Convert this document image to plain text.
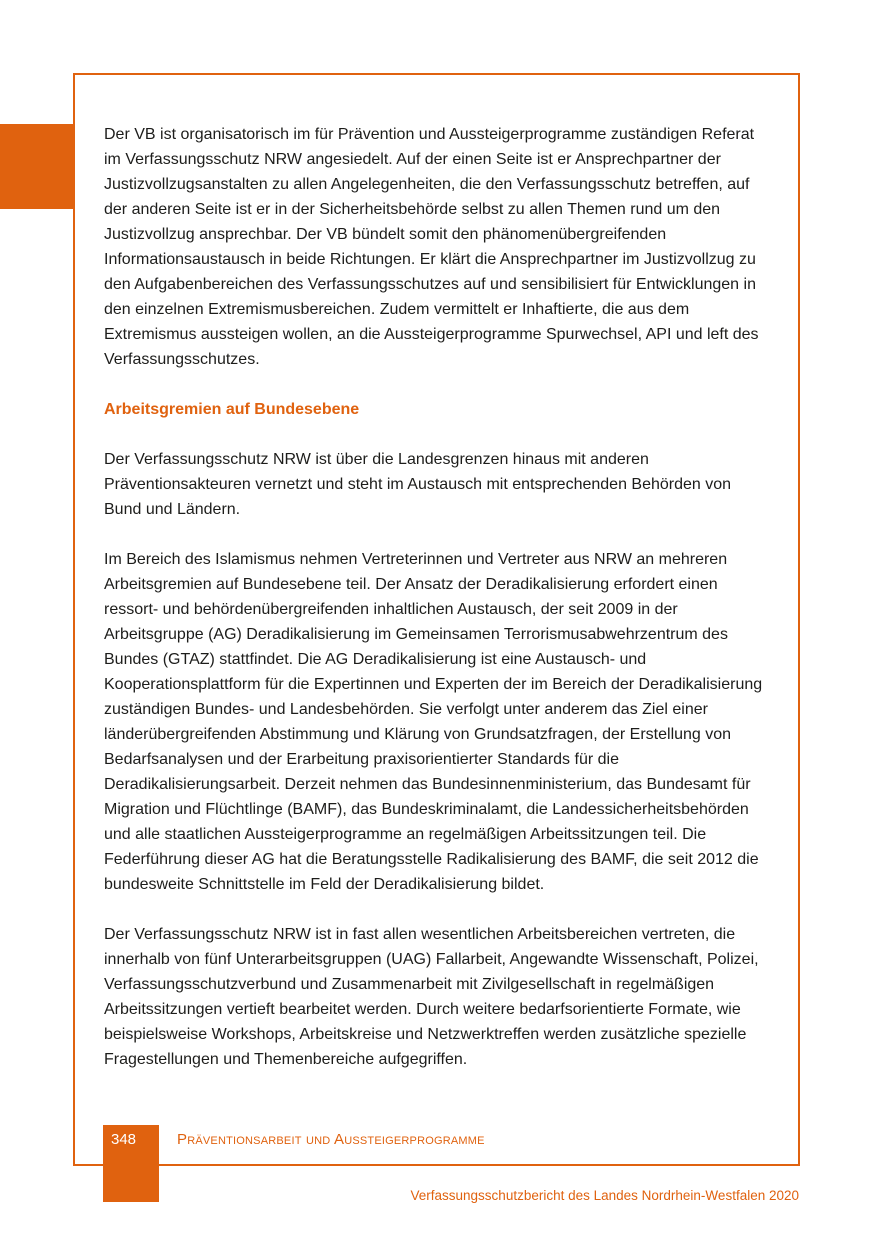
Der VB ist organisatorisch im für Prävention und Aussteigerprogramme zuständigen Referat im Verfassungsschutz NRW angesiedelt. Auf der einen Seite ist er Ansprechpartner der Justizvollzugsanstalten zu allen Angelegenheiten, die den Verfassungsschutz betreffen, auf der anderen Seite ist er in der Sicherheitsbehörde selbst zu allen Themen rund um den Justizvollzug ansprechbar. Der VB bündelt somit den phänomenübergreifenden Informationsaustausch in beide Richtungen. Er klärt die Ansprechpartner im Justizvollzug zu den Aufgabenbereichen des Verfassungsschutzes auf und sensibilisiert für Entwicklungen in den einzelnen Extremismusbereichen. Zudem vermittelt er Inhaftierte, die aus dem Extremismus aussteigen wollen, an die Aussteigerprogramme Spurwechsel, API und left des Verfassungsschutzes.

Arbeitsgremien auf Bundesebene

Der Verfassungsschutz NRW ist über die Landesgrenzen hinaus mit anderen Präventionsakteuren vernetzt und steht im Austausch mit entsprechenden Behörden von Bund und Ländern.

Im Bereich des Islamismus nehmen Vertreterinnen und Vertreter aus NRW an mehreren Arbeitsgremien auf Bundesebene teil. Der Ansatz der Deradikalisierung erfordert einen ressort- und behördenübergreifenden inhaltlichen Austausch, der seit 2009 in der Arbeitsgruppe (AG) Deradikalisierung im Gemeinsamen Terrorismusabwehrzentrum des Bundes (GTAZ) stattfindet. Die AG Deradikalisierung ist eine Austausch- und Kooperationsplattform für die Expertinnen und Experten der im Bereich der Deradikalisierung zuständigen Bundes- und Landesbehörden. Sie verfolgt unter anderem das Ziel einer länderübergreifenden Abstimmung und Klärung von Grundsatzfragen, der Erstellung von Bedarfsanalysen und der Erarbeitung praxisorientierter Standards für die Deradikalisierungsarbeit. Derzeit nehmen das Bundesinnenministerium, das Bundesamt für Migration und Flüchtlinge (BAMF), das Bundeskriminalamt, die Landessicherheitsbehörden und alle staatlichen Aussteigerprogramme an regelmäßigen Arbeitssitzungen teil. Die Federführung dieser AG hat die Beratungsstelle Radikalisierung des BAMF, die seit 2012 die bundesweite Schnittstelle im Feld der Deradikalisierung bildet.

Der Verfassungsschutz NRW ist in fast allen wesentlichen Arbeitsbereichen vertreten, die innerhalb von fünf Unterarbeitsgruppen (UAG) Fallarbeit, Angewandte Wissenschaft, Polizei, Verfassungsschutzverbund und Zusammenarbeit mit Zivilgesellschaft in regelmäßigen Arbeitssitzungen vertieft bearbeitet werden. Durch weitere bedarfsorientierte Formate, wie beispielsweise Workshops, Arbeitskreise und Netzwerktreffen werden zusätzliche spezielle Fragestellungen und Themenbereiche aufgegriffen.

348	Präventionsarbeit und Aussteigerprogramme
Verfassungsschutzbericht des Landes Nordrhein-Westfalen 2020
